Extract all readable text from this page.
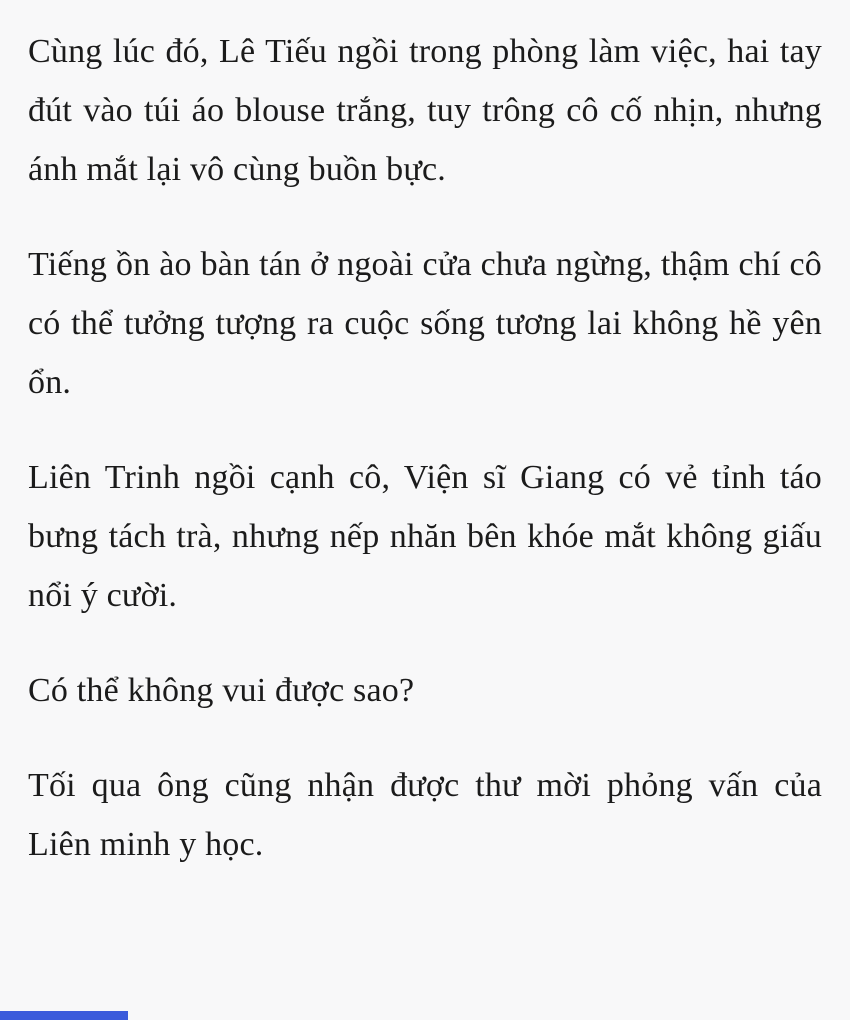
Cùng lúc đó, Lê Tiếu ngồi trong phòng làm việc, hai tay đút vào túi áo blouse trắng, tuy trông cô cố nhịn, nhưng ánh mắt lại vô cùng buồn bực.

Tiếng ồn ào bàn tán ở ngoài cửa chưa ngừng, thậm chí cô có thể tưởng tượng ra cuộc sống tương lai không hề yên ổn.

Liên Trinh ngồi cạnh cô, Viện sĩ Giang có vẻ tỉnh táo bưng tách trà, nhưng nếp nhăn bên khóe mắt không giấu nổi ý cười.

Có thể không vui được sao?

Tối qua ông cũng nhận được thư mời phỏng vấn của Liên minh y học.
